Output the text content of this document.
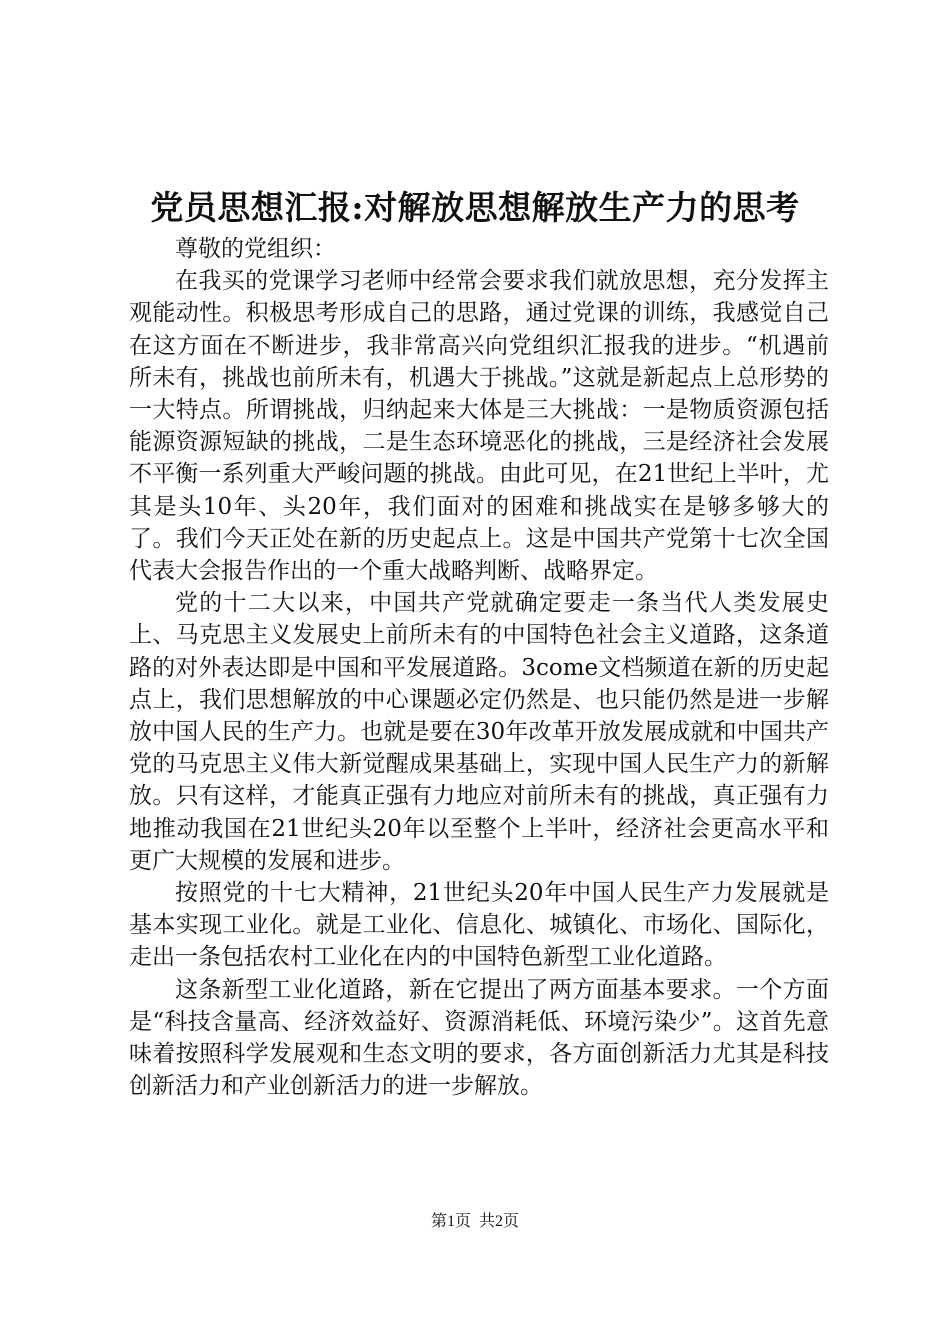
党员思想汇报:对解放思想解放生产力的思考

尊敬的党组织：

在我买的党课学习老师中经常会要求我们就放思想，充分发挥主观能动性。积极思考形成自己的思路，通过党课的训练，我感觉自己在这方面在不断进步，我非常高兴向党组织汇报我的进步。“机遇前所未有，挑战也前所未有，机遇大于挑战。”这就是新起点上总形势的一大特点。所谓挑战，归纳起来大体是三大挑战：一是物质资源包括能源资源短缺的挑战，二是生态环境恶化的挑战，三是经济社会发展不平衡一系列重大严峻问题的挑战。由此可见，在21世纪上半叶，尤其是头10年、头20年，我们面对的困难和挑战实在是够多够大的了。我们今天正处在新的历史起点上。这是中国共产党第十七次全国代表大会报告作出的一个重大战略判断、战略界定。

党的十二大以来，中国共产党就确定要走一条当代人类发展史上、马克思主义发展史上前所未有的中国特色社会主义道路，这条道路的对外表达即是中国和平发展道路。3come文档频道在新的历史起点上，我们思想解放的中心课题必定仍然是、也只能仍然是进一步解放中国人民的生产力。也就是要在30年改革开放发展成就和中国共产党的马克思主义伟大新觉醒成果基础上，实现中国人民生产力的新解放。只有这样，才能真正强有力地应对前所未有的挑战，真正强有力地推动我国在21世纪头20年以至整个上半叶，经济社会更高水平和更广大规模的发展和进步。

按照党的十七大精神，21世纪头20年中国人民生产力发展就是基本实现工业化。就是工业化、信息化、城镇化、市场化、国际化，走出一条包括农村工业化在内的中国特色新型工业化道路。

这条新型工业化道路，新在它提出了两方面基本要求。一个方面是“科技含量高、经济效益好、资源消耗低、环境污染少”。这首先意味着按照科学发展观和生态文明的要求，各方面创新活力尤其是科技创新活力和产业创新活力的进一步解放。

第1页 共2页
